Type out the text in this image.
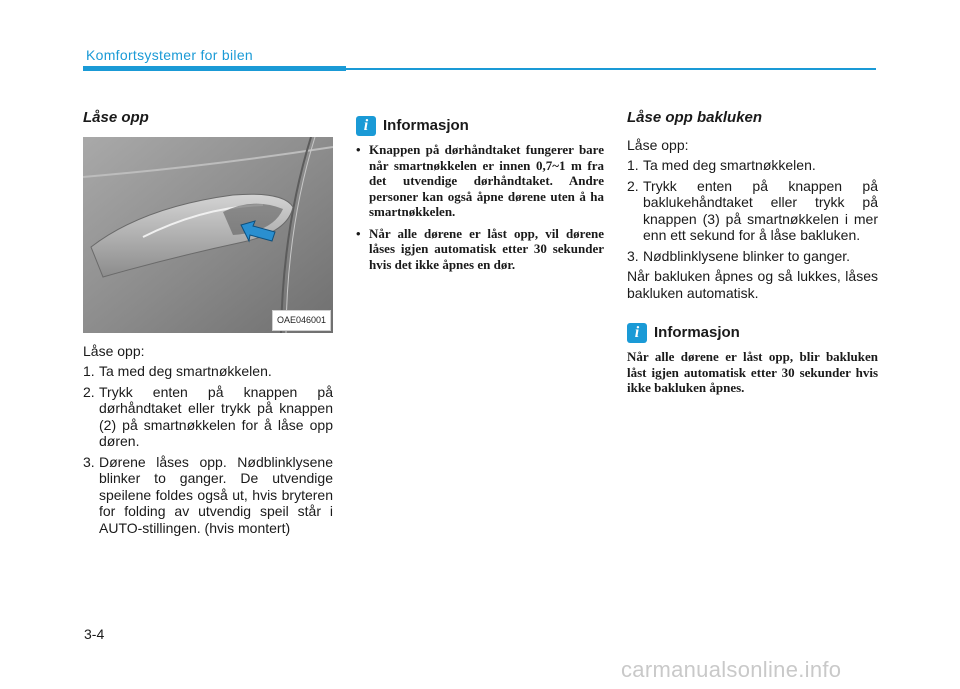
Komfortsystemer for bilen
Låse opp
OAE046001

Låse opp:

1. Ta med deg smartnøkkelen.
2. Trykk enten på knappen på dørhåndtaket eller trykk på knappen (2) på smartnøkkelen for å låse opp døren.
3. Dørene låses opp. Nødblinklysene blinker to ganger. De utvendige speilene foldes også ut, hvis bryteren for folding av utvendig speil står i AUTO-stillingen. (hvis montert)
i Informasjon
• Knappen på dørhåndtaket fungerer bare når smartnøkkelen er innen 0,7~1 m fra det utvendige dørhåndtaket. Andre personer kan også åpne dørene uten å ha smartnøkkelen.
• Når alle dørene er låst opp, vil dørene låses igjen automatisk etter 30 sekunder hvis det ikke åpnes en dør.
Låse opp bakluken

Låse opp:

1. Ta med deg smartnøkkelen.
2. Trykk enten på knappen på baklukehåndtaket eller trykk på knappen (3) på smartnøkkelen i mer enn ett sekund for å låse bakluken.
3. Nødblinklysene blinker to ganger.

Når bakluken åpnes og så lukkes, låses bakluken automatisk.

i Informasjon

Når alle dørene er låst opp, blir bakluken låst igjen automatisk etter 30 sekunder hvis ikke bakluken åpnes.

3-4
carmanualsonline.info
